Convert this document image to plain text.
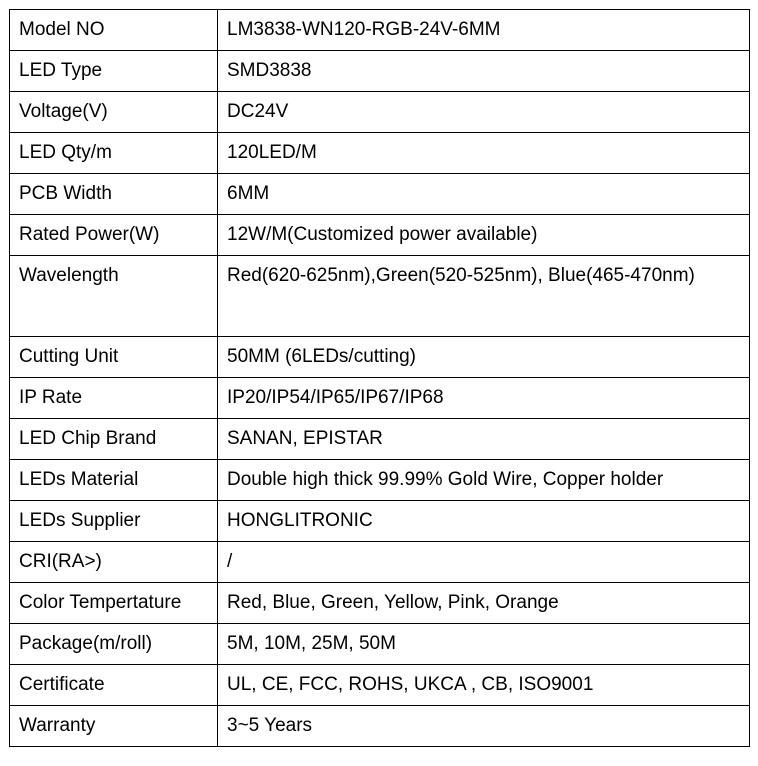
Model NO	LM3838-WN120-RGB-24V-6MM
LED Type	SMD3838
Voltage(V)	DC24V
LED Qty/m	120LED/M
PCB Width	6MM
Rated Power(W)	12W/M(Customized power available)
Wavelength	Red(620-625nm),Green(520-525nm), Blue(465-470nm)
Cutting Unit	50MM (6LEDs/cutting)
IP Rate	IP20/IP54/IP65/IP67/IP68
LED Chip Brand	SANAN, EPISTAR
LEDs Material	Double high thick 99.99% Gold Wire, Copper holder
LEDs Supplier	HONGLITRONIC
CRI(RA>)	/
Color Tempertature	Red, Blue, Green, Yellow, Pink, Orange
Package(m/roll)	5M, 10M, 25M, 50M
Certificate	UL, CE, FCC, ROHS, UKCA , CB, ISO9001
Warranty	3~5 Years
